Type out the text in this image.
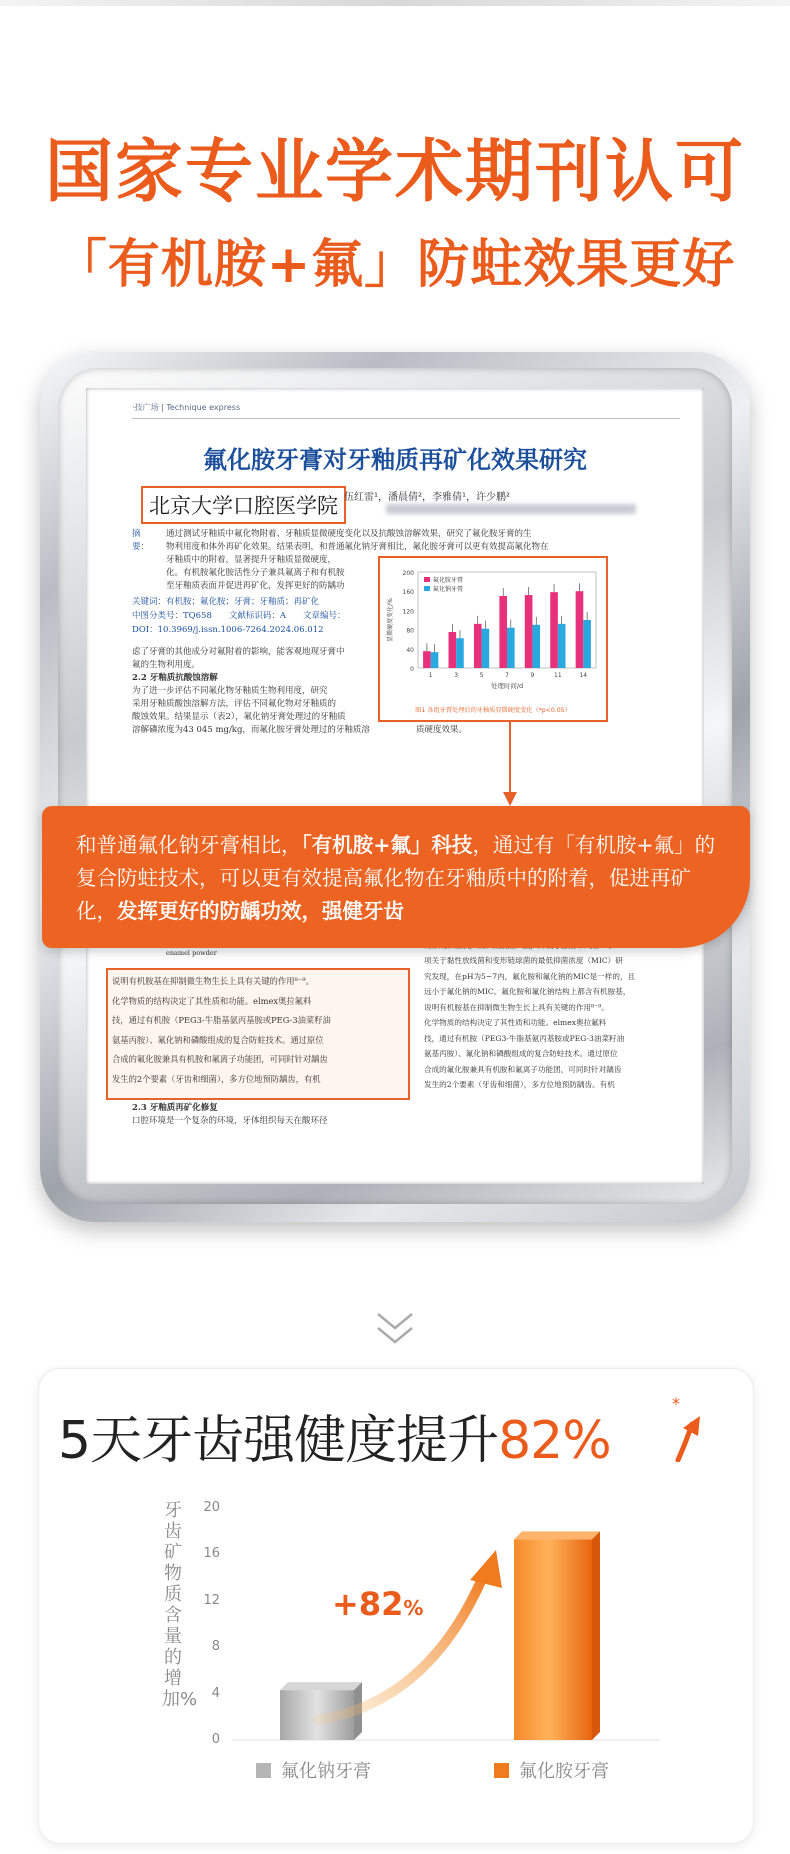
国家专业学术期刊认可
「有机胺+氟」防蛀效果更好
·技广场 | Technique express
氟化胺牙膏对牙釉质再矿化效果研究
北京大学口腔医学院 伍红雷¹，潘晨倩²，李雅倩¹，许少鹏²
摘　要：
通过测试牙釉质中氟化物附着、牙釉质显微硬度变化以及抗酸蚀溶解效果，研究了氟化胺牙膏的生
物利用度和体外再矿化效果。结果表明，和普通氟化钠牙膏相比，氟化胺牙膏可以更有效提高氟化物在
牙釉质中的附着，显著提升牙釉质显微硬度，
化。有机胺氟化胺活性分子兼具氟离子和有机胺
至牙釉质表面并促进再矿化，发挥更好的防龋功
关键词：有机胺；氟化胺；牙膏；牙釉质；再矿化
中图分类号：TQ658　　文献标识码：A　　文章编号：
DOI：10.3969/j.issn.1006-7264.2024.06.012
虑了牙膏的其他成分对氟附着的影响，能客观地现牙膏中
氟的生物利用度。
2.2 牙釉质抗酸蚀溶解
为了进一步评估不同氟化物牙釉质生物利用度，研究
采用牙釉质酸蚀溶解方法，评估不同氟化物对牙釉质的
酸蚀效果。结果显示（表2），氟化钠牙膏处理过的牙釉质
溶解磷浓度为43 045 mg/kg，而氟化胺牙膏处理过的牙釉质溶	质硬度效果。
0
40
80
120
160
200
显微硬度变化/%
1	3	5	7	9	11	14
氟化胺牙膏
氟化钠牙膏
处理时间/d
图1 各组牙膏处理后的牙釉质显微硬度变化（*p<0.05）
enamel powder
说明有机胺基在抑制微生物生长上具有关键的作用⁸⁻⁹。
化学物质的结构决定了其性质和功能。elmex奥拉氟料
技，通过有机胺（PEG3-牛脂基氨丙基胺或PEG-3油菜籽油
氨基丙胺）、氟化钠和磷酸组成的复合防蛀技术。通过原位
合成的氟化胺兼具有机胺和氟离子功能团，可同时针对龋齿
发生的2个要素（牙齿和细菌），多方位地预防龋齿，有机
2.3 牙釉质再矿化修复
口腔环境是一个复杂的环境，牙体组织每天在酸环径
项关于黏性放线菌和变形链球菌的最低抑菌浓度（MIC）研
究发现，在pH为5~7内，氟化胺和氟化钠的MIC是一样的，且
远小于氟化钠的MIC。氟化胺和氟化钠结构上都含有机胺基，
说明有机胺基在抑制微生物生长上具有关键的作用⁸⁻⁹。
化学物质的结构决定了其性质和功能。elmex奥拉氟料
技，通过有机胺（PEG3-牛脂基氨丙基胺或PEG-3油菜籽油
氨基丙胺）、氟化钠和磷酸组成的复合防蛀技术。通过原位
合成的氟化胺兼具有机胺和氟离子功能团，可同时针对龋齿
发生的2个要素（牙齿和细菌），多方位地预防龋齿。有机
和普通氟化钠牙膏相比，「有机胺+氟」科技，通过有「有机胺+氟」的复合防蛀技术，可以更有效提高氟化物在牙釉质中的附着，促进再矿化，发挥更好的防龋功效，强健牙齿
5天牙齿强健度提升82%
*
牙齿矿物质含量的增加%
0
4
8
12
16
20
+82%
氟化钠牙膏	氟化胺牙膏
